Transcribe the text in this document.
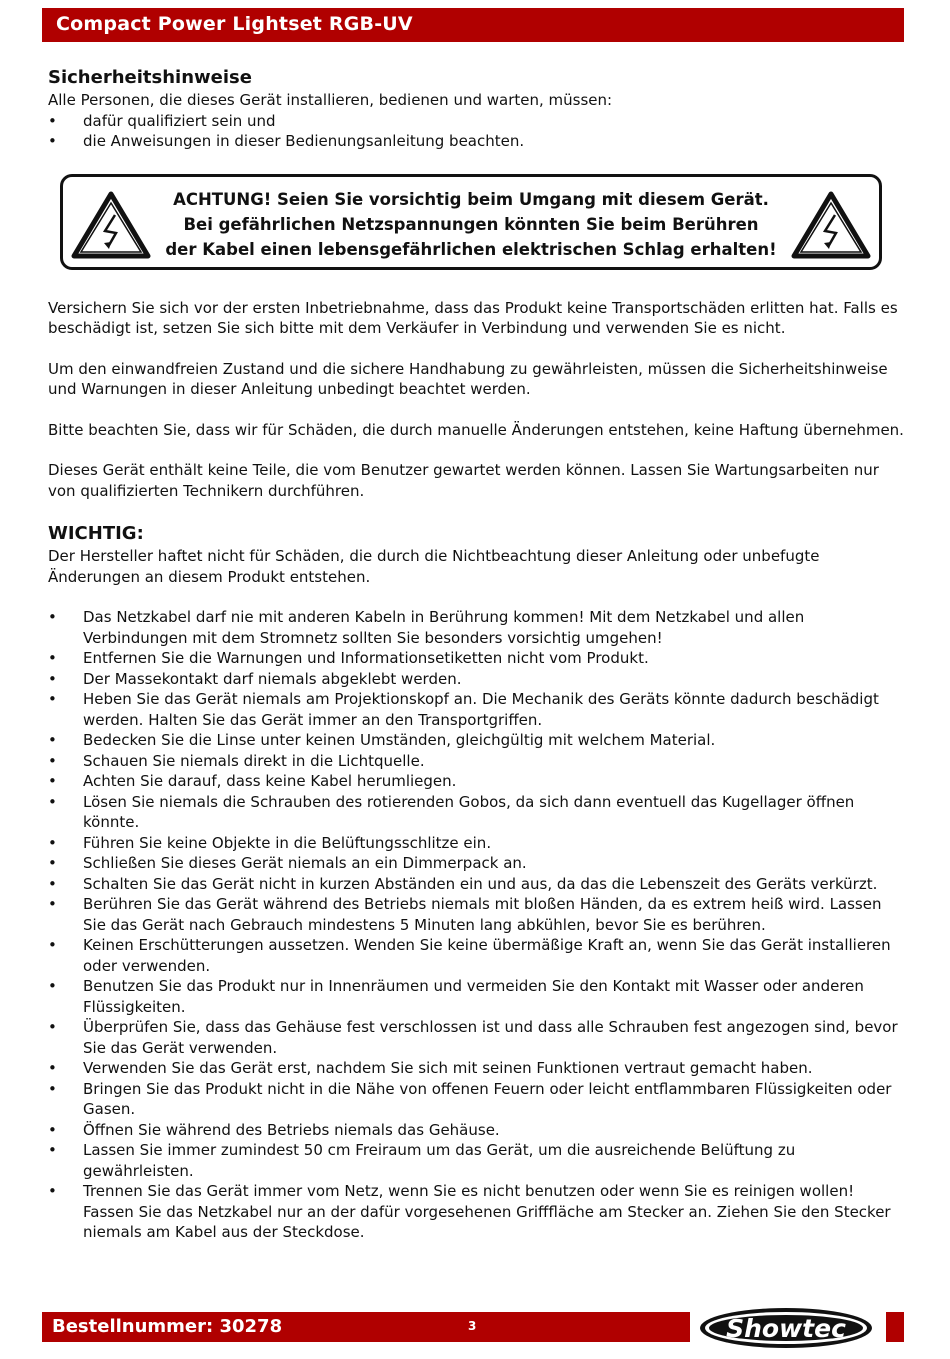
Compact Power Lightset RGB-UV
Sicherheitshinweise

Alle Personen, die dieses Gerät installieren, bedienen und warten, müssen:

• dafür qualifiziert sein und
• die Anweisungen in dieser Bedienungsanleitung beachten.
ACHTUNG! Seien Sie vorsichtig beim Umgang mit diesem Gerät.
Bei gefährlichen Netzspannungen könnten Sie beim Berühren
der Kabel einen lebensgefährlichen elektrischen Schlag erhalten!

Versichern Sie sich vor der ersten Inbetriebnahme, dass das Produkt keine Transportschäden erlitten hat. Falls es beschädigt ist, setzen Sie sich bitte mit dem Verkäufer in Verbindung und verwenden Sie es nicht.

Um den einwandfreien Zustand und die sichere Handhabung zu gewährleisten, müssen die Sicherheitshinweise und Warnungen in dieser Anleitung unbedingt beachtet werden.

Bitte beachten Sie, dass wir für Schäden, die durch manuelle Änderungen entstehen, keine Haftung übernehmen.

Dieses Gerät enthält keine Teile, die vom Benutzer gewartet werden können. Lassen Sie Wartungsarbeiten nur von qualifizierten Technikern durchführen.

WICHTIG:

Der Hersteller haftet nicht für Schäden, die durch die Nichtbeachtung dieser Anleitung oder unbefugte Änderungen an diesem Produkt entstehen.

• Das Netzkabel darf nie mit anderen Kabeln in Berührung kommen! Mit dem Netzkabel und allen Verbindungen mit dem Stromnetz sollten Sie besonders vorsichtig umgehen!
• Entfernen Sie die Warnungen und Informationsetiketten nicht vom Produkt.
• Der Massekontakt darf niemals abgeklebt werden.
• Heben Sie das Gerät niemals am Projektionskopf an. Die Mechanik des Geräts könnte dadurch beschädigt werden. Halten Sie das Gerät immer an den Transportgriffen.
• Bedecken Sie die Linse unter keinen Umständen, gleichgültig mit welchem Material.
• Schauen Sie niemals direkt in die Lichtquelle.
• Achten Sie darauf, dass keine Kabel herumliegen.
• Lösen Sie niemals die Schrauben des rotierenden Gobos, da sich dann eventuell das Kugellager öffnen könnte.
• Führen Sie keine Objekte in die Belüftungsschlitze ein.
• Schließen Sie dieses Gerät niemals an ein Dimmerpack an.
• Schalten Sie das Gerät nicht in kurzen Abständen ein und aus, da das die Lebenszeit des Geräts verkürzt.
• Berühren Sie das Gerät während des Betriebs niemals mit bloßen Händen, da es extrem heiß wird. Lassen Sie das Gerät nach Gebrauch mindestens 5 Minuten lang abkühlen, bevor Sie es berühren.
• Keinen Erschütterungen aussetzen. Wenden Sie keine übermäßige Kraft an, wenn Sie das Gerät installieren oder verwenden.
• Benutzen Sie das Produkt nur in Innenräumen und vermeiden Sie den Kontakt mit Wasser oder anderen Flüssigkeiten.
• Überprüfen Sie, dass das Gehäuse fest verschlossen ist und dass alle Schrauben fest angezogen sind, bevor Sie das Gerät verwenden.
• Verwenden Sie das Gerät erst, nachdem Sie sich mit seinen Funktionen vertraut gemacht haben.
• Bringen Sie das Produkt nicht in die Nähe von offenen Feuern oder leicht entflammbaren Flüssigkeiten oder Gasen.
• Öffnen Sie während des Betriebs niemals das Gehäuse.
• Lassen Sie immer zumindest 50 cm Freiraum um das Gerät, um die ausreichende Belüftung zu gewährleisten.
• Trennen Sie das Gerät immer vom Netz, wenn Sie es nicht benutzen oder wenn Sie es reinigen wollen! Fassen Sie das Netzkabel nur an der dafür vorgesehenen Grifffläche am Stecker an. Ziehen Sie den Stecker niemals am Kabel aus der Steckdose.
Bestellnummer: 30278	3	Showtec
